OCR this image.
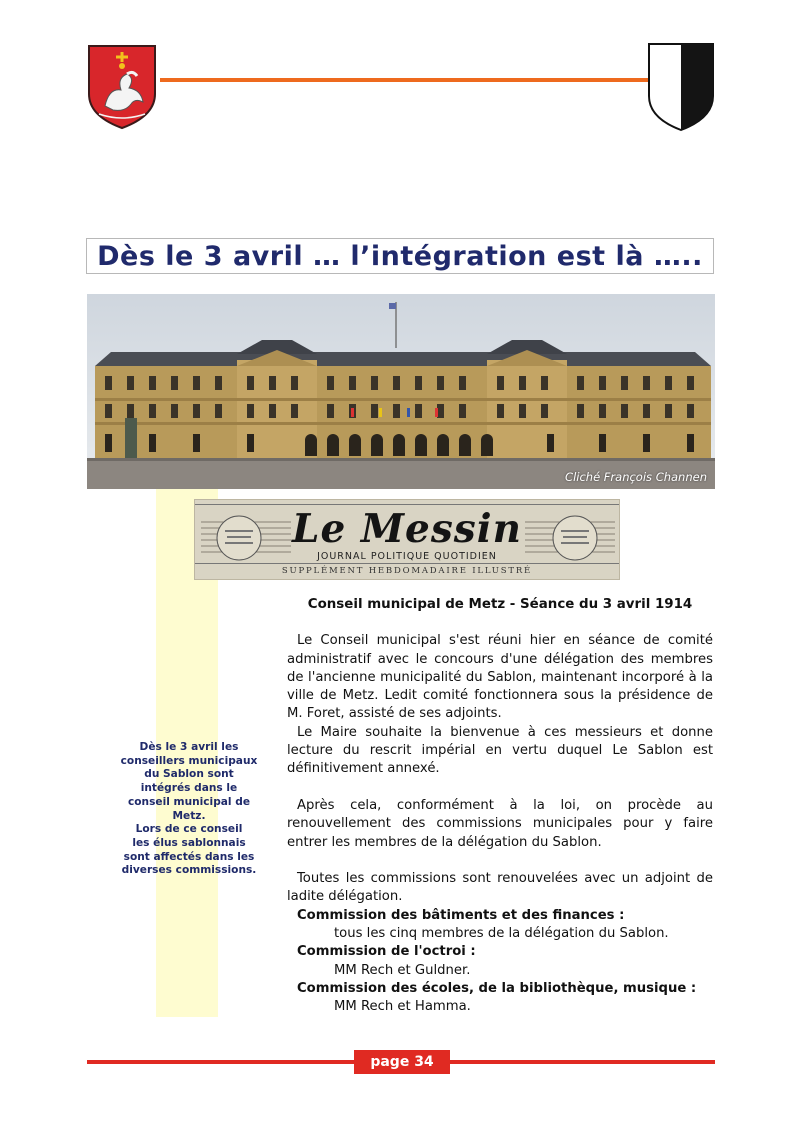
Dès le 3 avril … l’intégration est là …..
Cliché François Channen
Le Messin
JOURNAL POLITIQUE QUOTIDIEN
SUPPLÉMENT HEBDOMADAIRE ILLUSTRÉ
Dès le 3 avril les
conseillers municipaux
du Sablon sont
intégrés dans le
conseil municipal de
Metz.
Lors de ce conseil
les élus sablonnais
sont affectés dans les
diverses commissions.
Conseil municipal de Metz - Séance du 3 avril 1914

Le Conseil municipal s'est réuni hier en séance de comité administratif avec le concours d'une délégation des membres de l'ancienne municipalité du Sablon, maintenant incorporé à la ville de Metz. Ledit comité fonctionnera sous la présidence de M. Foret, assisté de ses adjoints.

Le Maire souhaite la bienvenue à ces messieurs et donne lecture du rescrit impérial en vertu duquel Le Sablon est définitivement annexé.

Après cela, conformément à la loi, on procède au renouvellement des commissions municipales pour y faire entrer les membres de la délégation du Sablon.

Toutes les commissions sont renouvelées avec un adjoint de ladite délégation.

Commission des bâtiments et des finances :

tous les cinq membres de la délégation du Sablon.

Commission de l'octroi :

MM Rech et Guldner.

Commission des écoles, de la bibliothèque, musique :

MM Rech et Hamma.

page 34
